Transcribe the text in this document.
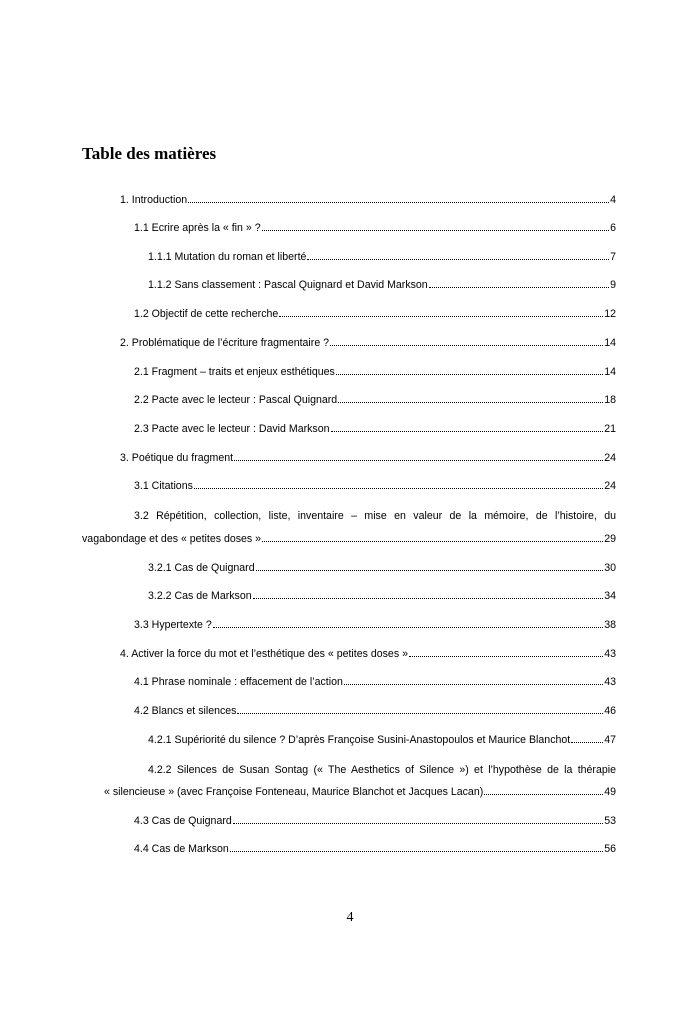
Table des matières
1. Introduction	4
1.1 Ecrire après la « fin » ?	6
1.1.1 Mutation du roman et liberté	7
1.1.2 Sans classement : Pascal Quignard et David Markson	9
1.2 Objectif de cette recherche	12
2. Problématique de l’écriture fragmentaire ?	14
2.1 Fragment – traits et enjeux esthétiques	14
2.2 Pacte avec le lecteur : Pascal Quignard	18
2.3 Pacte avec le lecteur : David Markson	21
3. Poétique du fragment	24
3.1 Citations	24
3.2 Répétition, collection, liste, inventaire – mise en valeur de la mémoire, de l’histoire, du
vagabondage et des « petites doses »	29
3.2.1 Cas de Quignard	30
3.2.2 Cas de Markson	34
3.3 Hypertexte ?	38
4. Activer la force du mot et l’esthétique des « petites doses »	43
4.1 Phrase nominale : effacement de l’action	43
4.2 Blancs et silences	46
4.2.1 Supériorité du silence ? D’après Françoise Susini-Anastopoulos et Maurice Blanchot	47
4.2.2 Silences de Susan Sontag (« The Aesthetics of Silence ») et l’hypothèse de la thérapie
« silencieuse » (avec Françoise Fonteneau, Maurice Blanchot et Jacques Lacan)	49
4.3 Cas de Quignard	53
4.4 Cas de Markson	56
4
